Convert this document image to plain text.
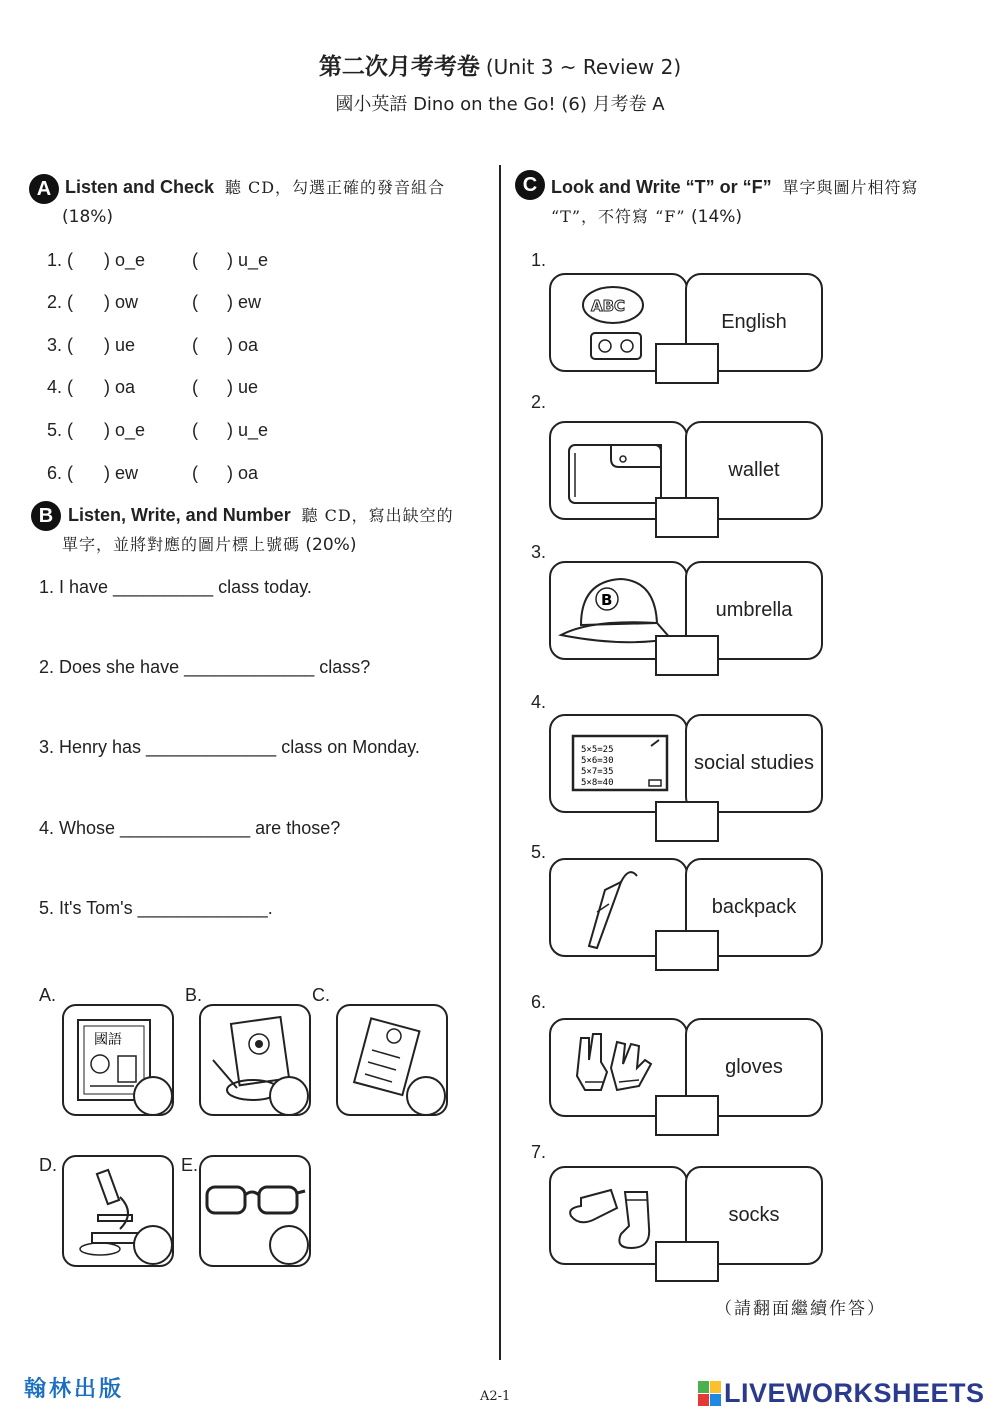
第二次月考考卷 (Unit 3 ~ Review 2)
國小英語 Dino on the Go! (6) 月考卷 A
A Listen and Check 聽 CD，勾選正確的發音組合
(18%)
1. ( ) o_e	( ) u_e
2. ( ) ow	( ) ew
3. ( ) ue	( ) oa
4. ( ) oa	( ) ue
5. ( ) o_e	( ) u_e
6. ( ) ew	( ) oa
B Listen, Write, and Number 聽 CD，寫出缺空的
單字，並將對應的圖片標上號碼 (20%)
1. I have __________ class today.
2. Does she have _____________ class?
3. Henry has _____________ class on Monday.
4. Whose _____________ are those?
5. It's Tom's _____________.
A.	B.	C.
D.	E.
國語
C Look and Write “T” or “F” 單字與圖片相符寫
“T”，不符寫 “F” (14%)
1.
2.
3.
4.
5.
6.
7.
ABC
English
wallet
B	umbrella
5×5=25
5×6=30
5×7=35
5×8=40
social studies
backpack
gloves
socks
（請翻面繼續作答）
翰林出版	A2-1	LIVEWORKSHEETS
